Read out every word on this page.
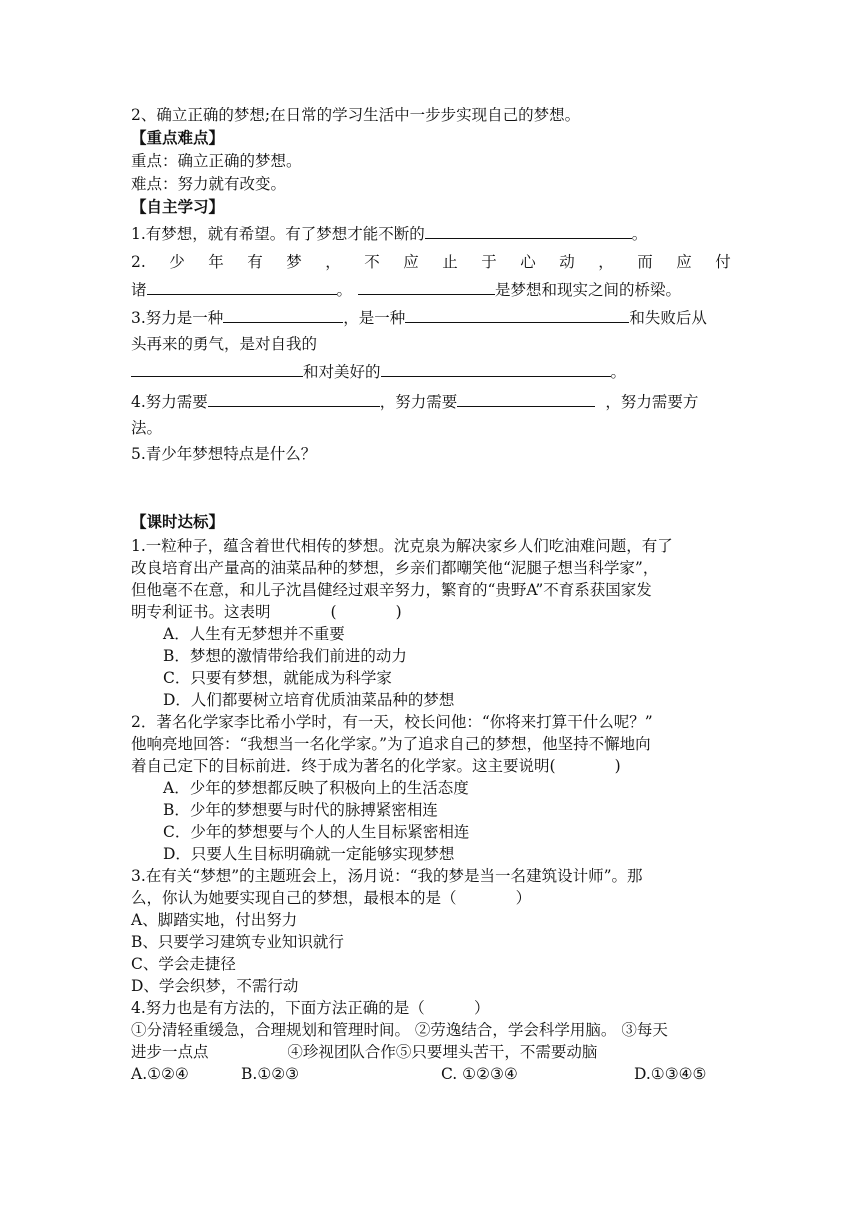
2、确立正确的梦想;在日常的学习生活中一步步实现自己的梦想。
【重点难点】
重点：确立正确的梦想。
难点：努力就有改变。
【自主学习】
1.有梦想，就有希望。有了梦想才能不断的	。
2. 少 年 有 梦 ， 不 应 止 于 心 动 ， 而 应 付
诸	。	是梦想和现实之间的桥梁。
3.努力是一种	，是一种	和失败后从
头再来的勇气，是对自我的
和对美好的	。
4.努力需要	，努力需要	，努力需要方
法。
5.青少年梦想特点是什么？
【课时达标】
1.一粒种子，蕴含着世代相传的梦想。沈克泉为解决家乡人们吃油难问题，有了
改良培育出产量高的油菜品种的梦想，乡亲们都嘲笑他“泥腿子想当科学家”，
但他毫不在意，和儿子沈昌健经过艰辛努力，繁育的“贵野A”不育系获国家发
明专利证书。这表明	(            )
A．人生有无梦想并不重要
B．梦想的激情带给我们前进的动力
C．只要有梦想，就能成为科学家
D．人们都要树立培育优质油菜品种的梦想
2．著名化学家李比希小学时，有一天，校长问他：“你将来打算干什么呢？”
他响亮地回答：“我想当一名化学家。”为了追求自己的梦想，他坚持不懈地向
着自己定下的目标前进．终于成为著名的化学家。这主要说明(            )
A．少年的梦想都反映了积极向上的生活态度
B．少年的梦想要与时代的脉搏紧密相连
C．少年的梦想要与个人的人生目标紧密相连
D．只要人生目标明确就一定能够实现梦想
3.在有关“梦想”的主题班会上，汤月说：“我的梦是当一名建筑设计师”。那
么，你认为她要实现自己的梦想，最根本的是（            ）
A、脚踏实地，付出努力
B、只要学习建筑专业知识就行
C、学会走捷径
D、学会织梦，不需行动
4.努力也是有方法的，下面方法正确的是（          ）
①分清轻重缓急，合理规划和管理时间。 ②劳逸结合，学会科学用脑。 ③每天
进步一点点                ④珍视团队合作⑤只要埋头苦干，不需要动脑
A.①②④	B.①②③	C. ①②③④	D.①③④⑤
